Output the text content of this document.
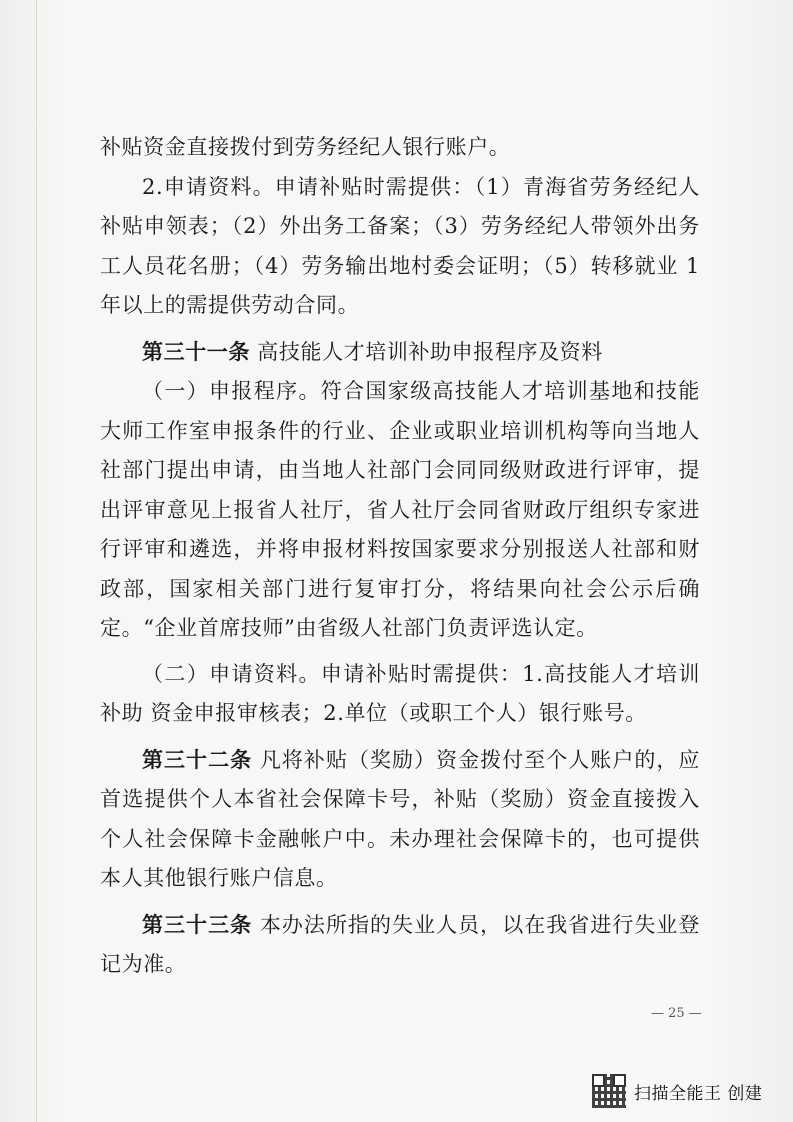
补贴资金直接拨付到劳务经纪人银行账户。

2.申请资料。申请补贴时需提供：（1）青海省劳务经纪人补贴申领表；（2）外出务工备案；（3）劳务经纪人带领外出务工人员花名册；（4）劳务输出地村委会证明；（5）转移就业 1 年以上的需提供劳动合同。

第三十一条 高技能人才培训补助申报程序及资料

（一）申报程序。符合国家级高技能人才培训基地和技能大师工作室申报条件的行业、企业或职业培训机构等向当地人社部门提出申请，由当地人社部门会同同级财政进行评审，提出评审意见上报省人社厅，省人社厅会同省财政厅组织专家进行评审和遴选，并将申报材料按国家要求分别报送人社部和财政部，国家相关部门进行复审打分，将结果向社会公示后确定。“企业首席技师”由省级人社部门负责评选认定。

（二）申请资料。申请补贴时需提供：1.高技能人才培训补助 资金申报审核表；2.单位（或职工个人）银行账号。

第三十二条 凡将补贴（奖励）资金拨付至个人账户的，应首选提供个人本省社会保障卡号，补贴（奖励）资金直接拨入个人社会保障卡金融帐户中。未办理社会保障卡的，也可提供本人其他银行账户信息。

第三十三条 本办法所指的失业人员，以在我省进行失业登记为准。

— 25 —
扫描全能王 创建
